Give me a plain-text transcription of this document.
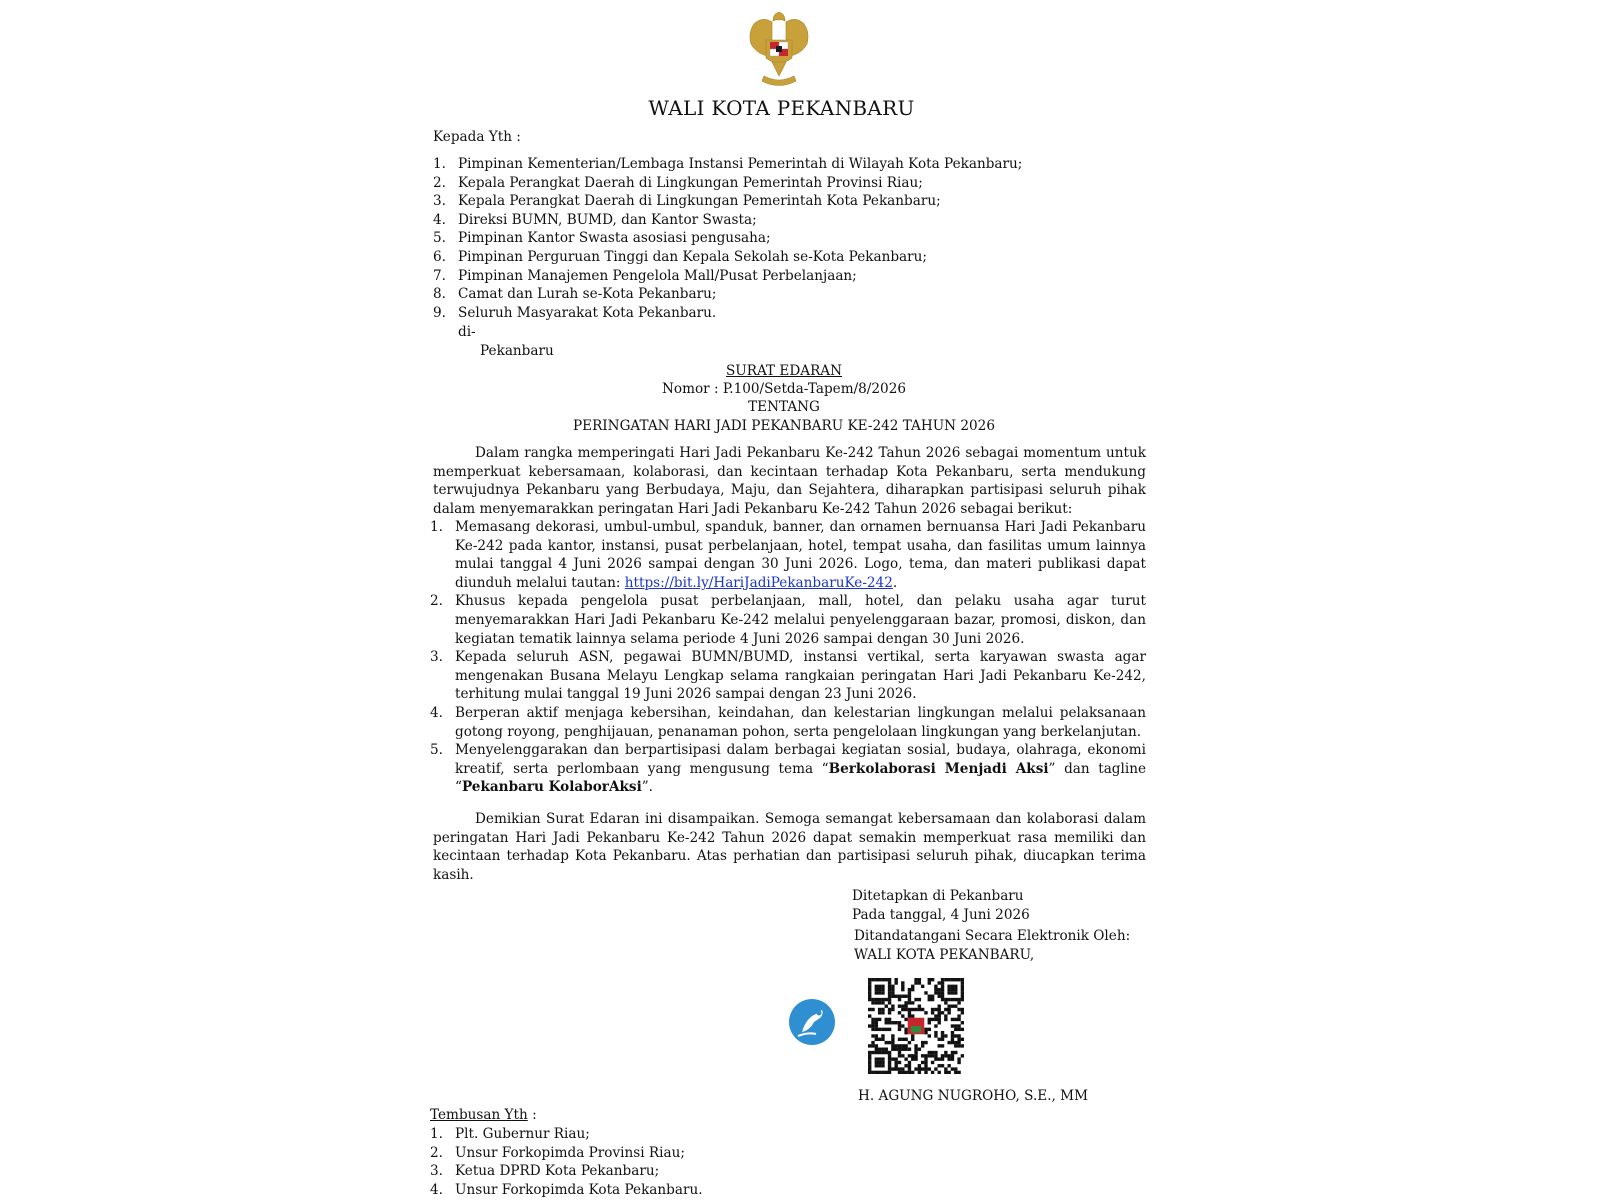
WALI KOTA PEKANBARU
Kepada Yth :
1. Pimpinan Kementerian/Lembaga Instansi Pemerintah di Wilayah Kota Pekanbaru;
2. Kepala Perangkat Daerah di Lingkungan Pemerintah Provinsi Riau;
3. Kepala Perangkat Daerah di Lingkungan Pemerintah Kota Pekanbaru;
4. Direksi BUMN, BUMD, dan Kantor Swasta;
5. Pimpinan Kantor Swasta asosiasi pengusaha;
6. Pimpinan Perguruan Tinggi dan Kepala Sekolah se-Kota Pekanbaru;
7. Pimpinan Manajemen Pengelola Mall/Pusat Perbelanjaan;
8. Camat dan Lurah se-Kota Pekanbaru;
9. Seluruh Masyarakat Kota Pekanbaru.
di-
Pekanbaru
SURAT EDARAN
Nomor : P.100/Setda-Tapem/8/2026
TENTANG
PERINGATAN HARI JADI PEKANBARU KE-242 TAHUN 2026
Dalam rangka memperingati Hari Jadi Pekanbaru Ke-242 Tahun 2026 sebagai momentum untuk memperkuat kebersamaan, kolaborasi, dan kecintaan terhadap Kota Pekanbaru, serta mendukung terwujudnya Pekanbaru yang Berbudaya, Maju, dan Sejahtera, diharapkan partisipasi seluruh pihak dalam menyemarakkan peringatan Hari Jadi Pekanbaru Ke-242 Tahun 2026 sebagai berikut:
1. Memasang dekorasi, umbul-umbul, spanduk, banner, dan ornamen bernuansa Hari Jadi Pekanbaru Ke-242 pada kantor, instansi, pusat perbelanjaan, hotel, tempat usaha, dan fasilitas umum lainnya mulai tanggal 4 Juni 2026 sampai dengan 30 Juni 2026. Logo, tema, dan materi publikasi dapat diunduh melalui tautan: https://bit.ly/HariJadiPekanbaruKe-242.
2. Khusus kepada pengelola pusat perbelanjaan, mall, hotel, dan pelaku usaha agar turut menyemarakkan Hari Jadi Pekanbaru Ke-242 melalui penyelenggaraan bazar, promosi, diskon, dan kegiatan tematik lainnya selama periode 4 Juni 2026 sampai dengan 30 Juni 2026.
3. Kepada seluruh ASN, pegawai BUMN/BUMD, instansi vertikal, serta karyawan swasta agar mengenakan Busana Melayu Lengkap selama rangkaian peringatan Hari Jadi Pekanbaru Ke-242, terhitung mulai tanggal 19 Juni 2026 sampai dengan 23 Juni 2026.
4. Berperan aktif menjaga kebersihan, keindahan, dan kelestarian lingkungan melalui pelaksanaan gotong royong, penghijauan, penanaman pohon, serta pengelolaan lingkungan yang berkelanjutan.
5. Menyelenggarakan dan berpartisipasi dalam berbagai kegiatan sosial, budaya, olahraga, ekonomi kreatif, serta perlombaan yang mengusung tema “Berkolaborasi Menjadi Aksi” dan tagline “Pekanbaru KolaborAksi”.
Demikian Surat Edaran ini disampaikan. Semoga semangat kebersamaan dan kolaborasi dalam peringatan Hari Jadi Pekanbaru Ke-242 Tahun 2026 dapat semakin memperkuat rasa memiliki dan kecintaan terhadap Kota Pekanbaru. Atas perhatian dan partisipasi seluruh pihak, diucapkan terima kasih.
Ditetapkan di Pekanbaru
Pada tanggal, 4 Juni 2026
Ditandatangani Secara Elektronik Oleh:
WALI KOTA PEKANBARU,
H. AGUNG NUGROHO, S.E., MM
Tembusan Yth :
1. Plt. Gubernur Riau;
2. Unsur Forkopimda Provinsi Riau;
3. Ketua DPRD Kota Pekanbaru;
4. Unsur Forkopimda Kota Pekanbaru.
